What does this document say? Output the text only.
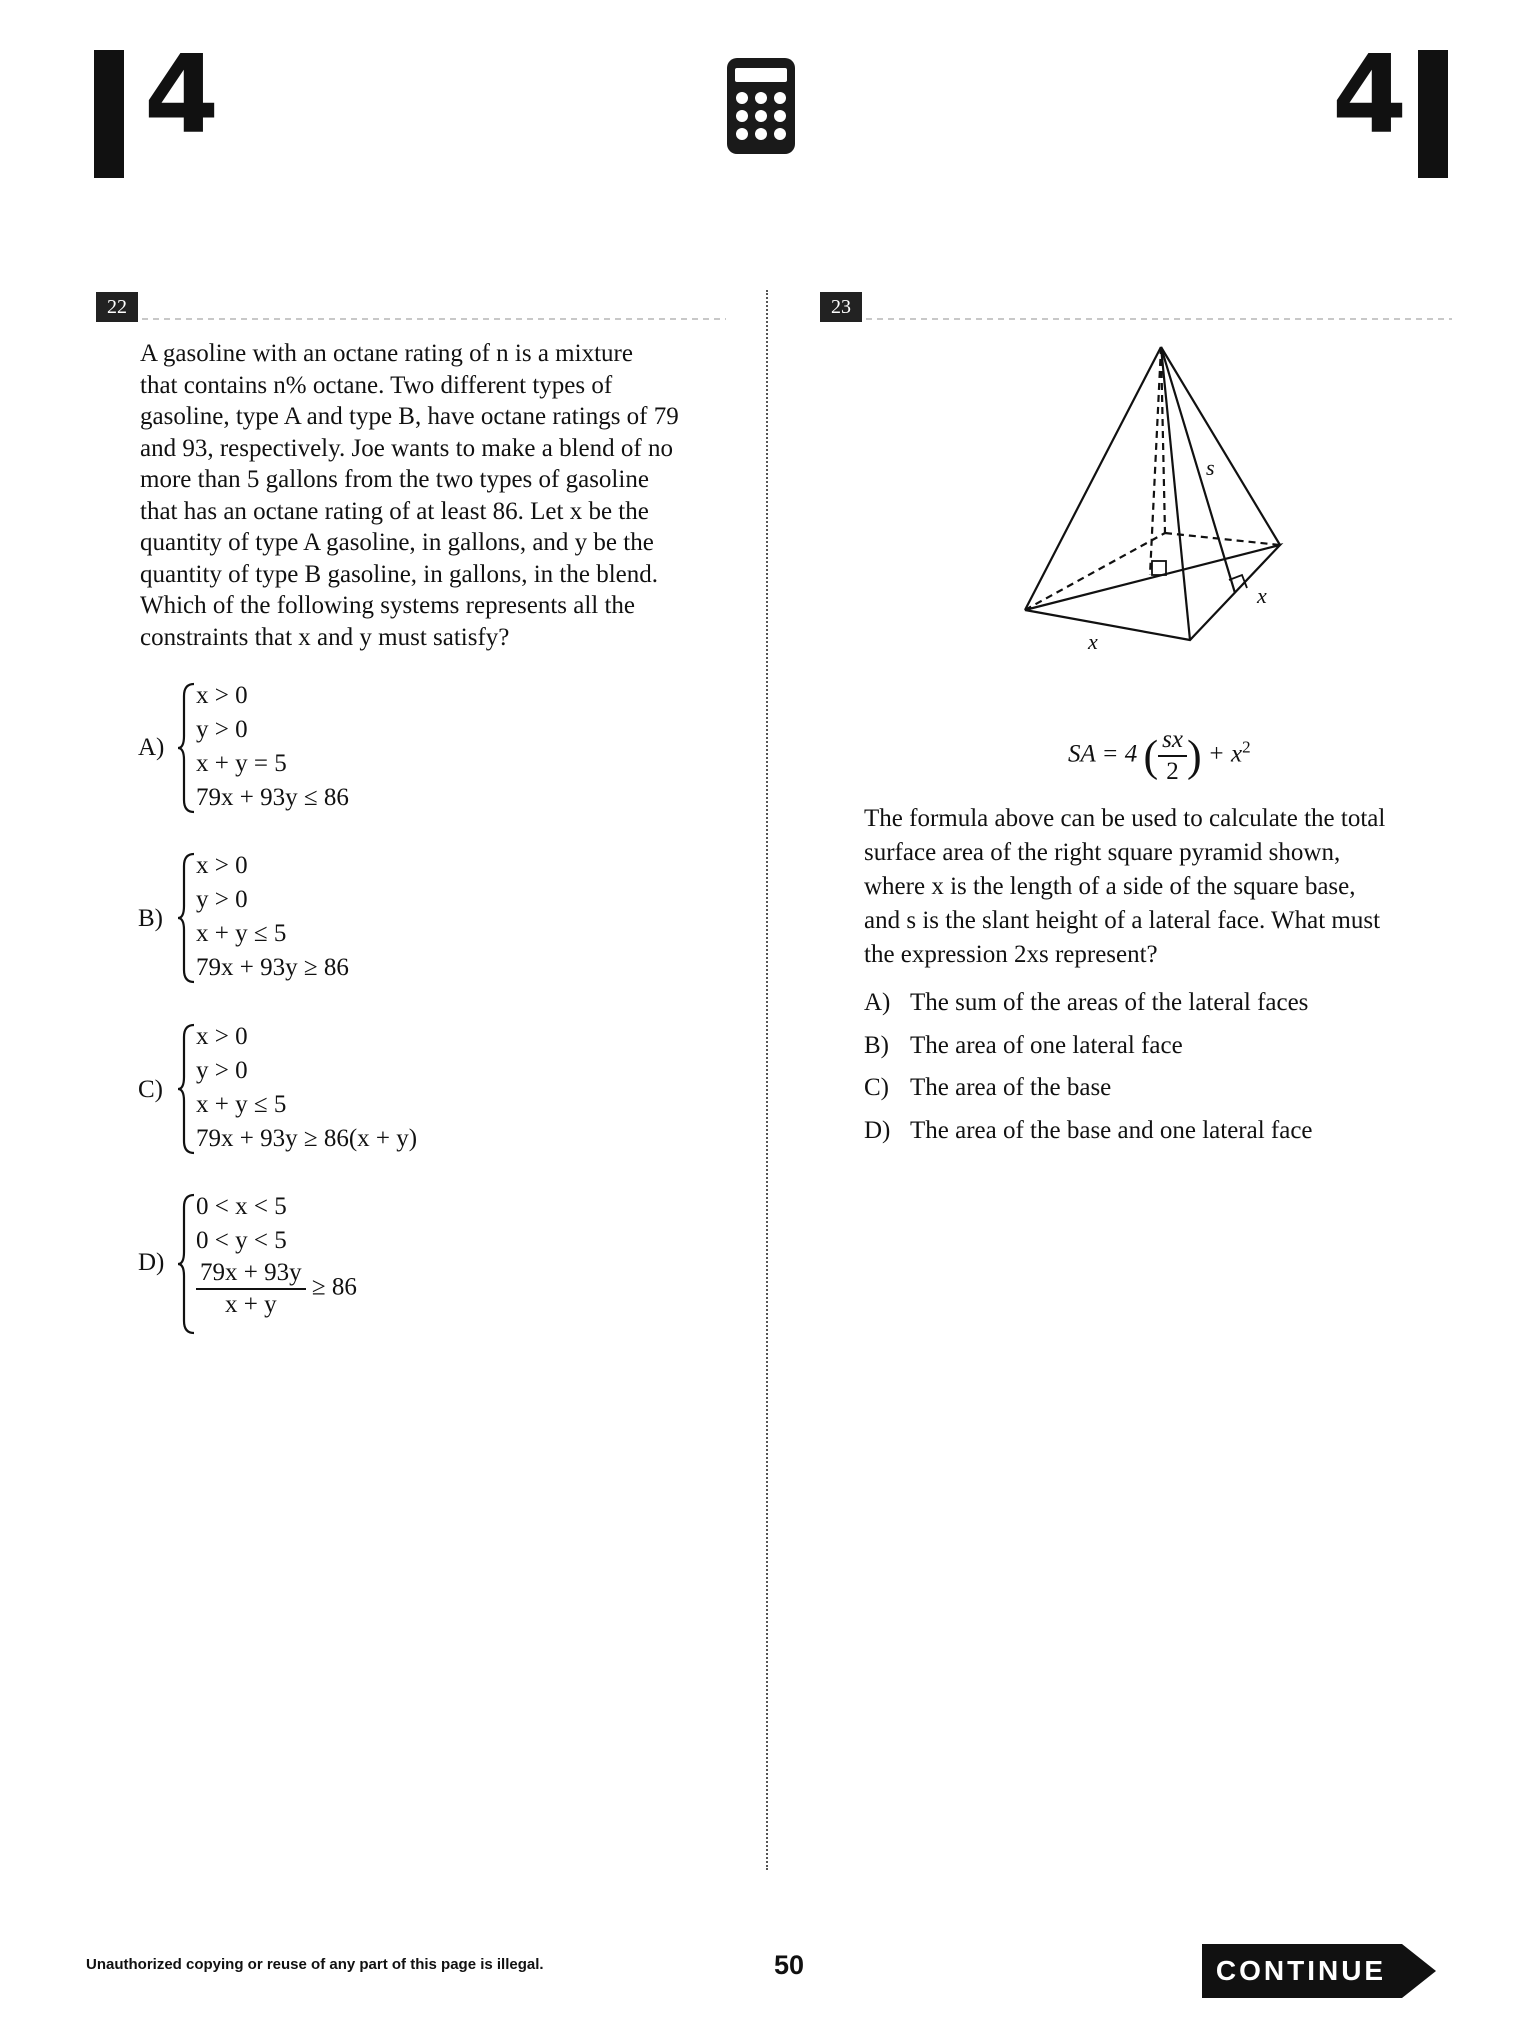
4	4
22
A gasoline with an octane rating of n is a mixture
that contains n% octane. Two different types of
gasoline, type A and type B, have octane ratings of 79
and 93, respectively. Joe wants to make a blend of no
more than 5 gallons from the two types of gasoline
that has an octane rating of at least 86. Let x be the
quantity of type A gasoline, in gallons, and y be the
quantity of type B gasoline, in gallons, in the blend.
Which of the following systems represents all the
constraints that x and y must satisfy?
A)
x > 0
y > 0
x + y = 5
79x + 93y ≤ 86
B)
x > 0
y > 0
x + y ≤ 5
79x + 93y ≥ 86
C)
x > 0
y > 0
x + y ≤ 5
79x + 93y ≥ 86(x + y)
D)
0 < x < 5
0 < y < 5
$\frac{79x + 93y}{x + y} \ge 86$
23
s
x
x
SA = 4 ( $\frac{sx}{2}$ ) + $x^2$
The formula above can be used to calculate the total
surface area of the right square pyramid shown,
where x is the length of a side of the square base,
and s is the slant height of a lateral face. What must
the expression 2xs represent?
A) The sum of the areas of the lateral faces
B) The area of one lateral face
C) The area of the base
D) The area of the base and one lateral face
Unauthorized copying or reuse of any part of this page is illegal.	50	CONTINUE
